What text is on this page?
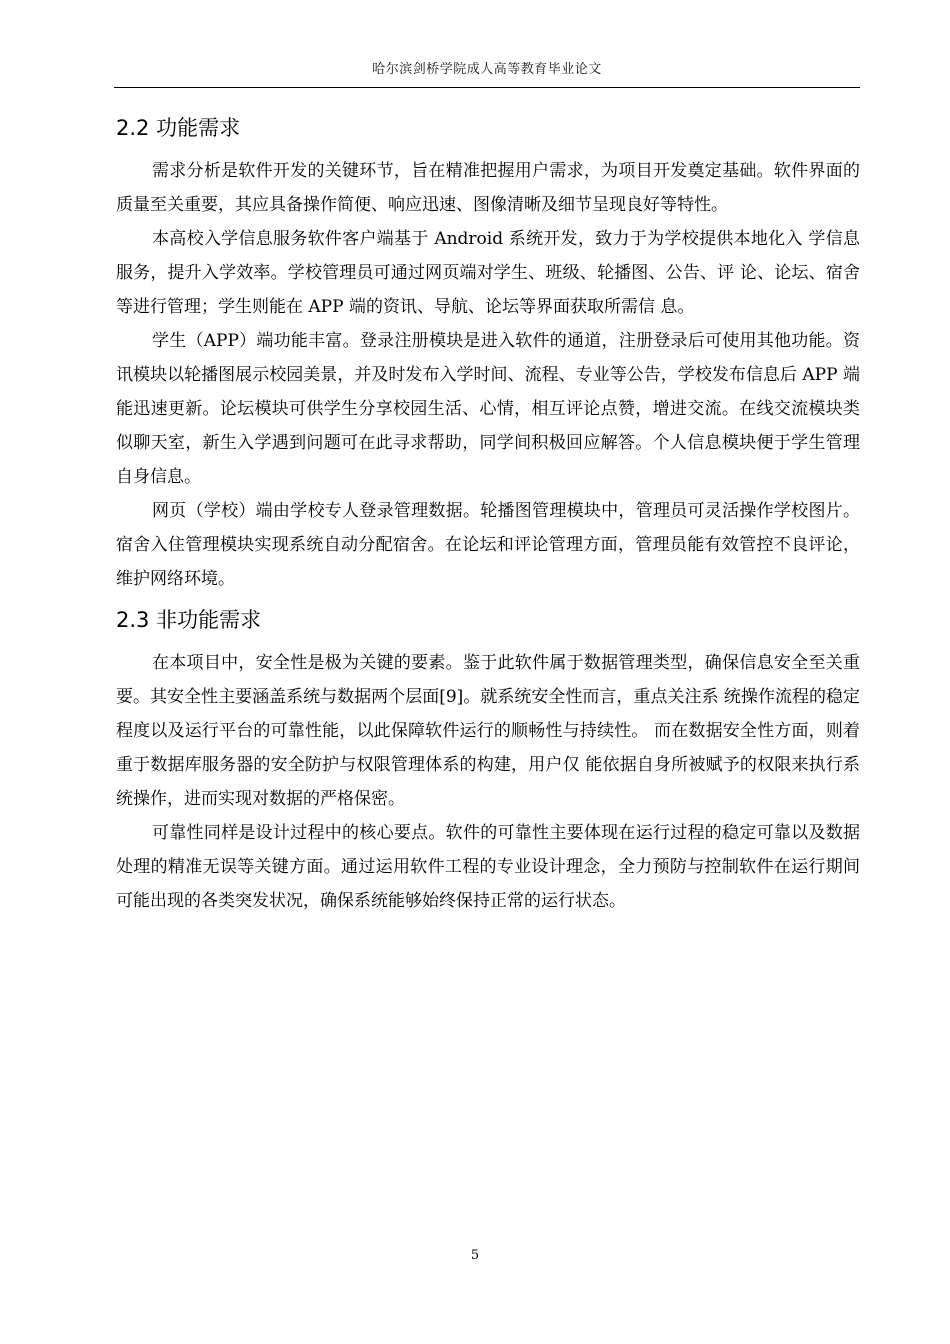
哈尔滨剑桥学院成人高等教育毕业论文
2.2 功能需求

需求分析是软件开发的关键环节，旨在精准把握用户需求，为项目开发奠定基础。软件界面的质量至关重要，其应具备操作简便、响应迅速、图像清晰及细节呈现良好等特性。

本高校入学信息服务软件客户端基于 Android 系统开发，致力于为学校提供本地化入 学信息服务，提升入学效率。学校管理员可通过网页端对学生、班级、轮播图、公告、评 论、论坛、宿舍等进行管理；学生则能在 APP 端的资讯、导航、论坛等界面获取所需信 息。

学生（APP）端功能丰富。登录注册模块是进入软件的通道，注册登录后可使用其他功能。资讯模块以轮播图展示校园美景，并及时发布入学时间、流程、专业等公告，学校发布信息后 APP 端能迅速更新。论坛模块可供学生分享校园生活、心情，相互评论点赞，增进交流。在线交流模块类似聊天室，新生入学遇到问题可在此寻求帮助，同学间积极回应解答。个人信息模块便于学生管理自身信息。

网页（学校）端由学校专人登录管理数据。轮播图管理模块中，管理员可灵活操作学校图片。宿舍入住管理模块实现系统自动分配宿舍。在论坛和评论管理方面，管理员能有效管控不良评论，维护网络环境。

2.3 非功能需求

在本项目中，安全性是极为关键的要素。鉴于此软件属于数据管理类型，确保信息安全至关重要。其安全性主要涵盖系统与数据两个层面[9]。就系统安全性而言，重点关注系 统操作流程的稳定程度以及运行平台的可靠性能，以此保障软件运行的顺畅性与持续性。 而在数据安全性方面，则着重于数据库服务器的安全防护与权限管理体系的构建，用户仅 能依据自身所被赋予的权限来执行系统操作，进而实现对数据的严格保密。

可靠性同样是设计过程中的核心要点。软件的可靠性主要体现在运行过程的稳定可靠以及数据处理的精准无误等关键方面。通过运用软件工程的专业设计理念，全力预防与控制软件在运行期间可能出现的各类突发状况，确保系统能够始终保持正常的运行状态。

5
